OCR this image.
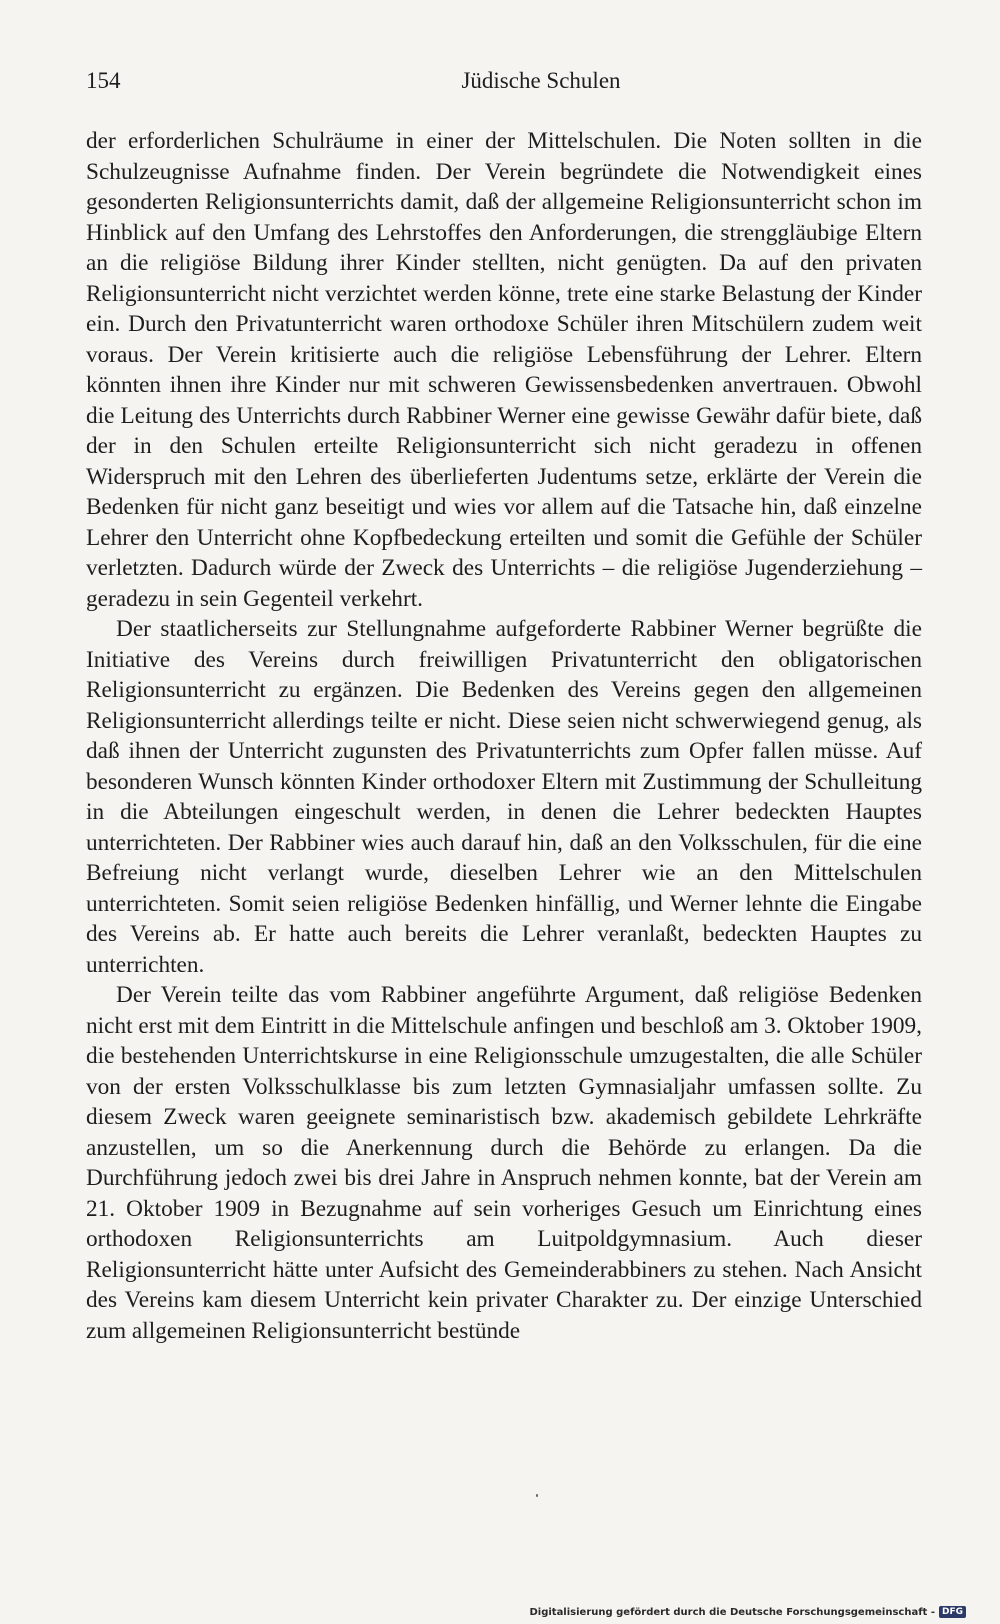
154	Jüdische Schulen

der erforderlichen Schulräume in einer der Mittelschulen. Die Noten sollten in die Schulzeugnisse Aufnahme finden. Der Verein begründete die Notwendigkeit eines gesonderten Religionsunterrichts damit, daß der allgemeine Religionsunterricht schon im Hinblick auf den Umfang des Lehrstoffes den Anforderungen, die strenggläubige Eltern an die religiöse Bildung ihrer Kinder stellten, nicht genügten. Da auf den privaten Religionsunterricht nicht verzichtet werden könne, trete eine starke Belastung der Kinder ein. Durch den Privatunterricht waren orthodoxe Schüler ihren Mitschülern zudem weit voraus. Der Verein kritisierte auch die religiöse Lebensführung der Lehrer. Eltern könnten ihnen ihre Kinder nur mit schweren Gewissensbedenken anvertrauen. Obwohl die Leitung des Unterrichts durch Rabbiner Werner eine gewisse Gewähr dafür biete, daß der in den Schulen erteilte Religionsunterricht sich nicht geradezu in offenen Widerspruch mit den Lehren des überlieferten Judentums setze, erklärte der Verein die Bedenken für nicht ganz beseitigt und wies vor allem auf die Tatsache hin, daß einzelne Lehrer den Unterricht ohne Kopfbedeckung erteilten und somit die Gefühle der Schüler verletzten. Dadurch würde der Zweck des Unterrichts – die religiöse Jugenderziehung – geradezu in sein Gegenteil verkehrt.

Der staatlicherseits zur Stellungnahme aufgeforderte Rabbiner Werner begrüßte die Initiative des Vereins durch freiwilligen Privatunterricht den obligatorischen Religionsunterricht zu ergänzen. Die Bedenken des Vereins gegen den allgemeinen Religionsunterricht allerdings teilte er nicht. Diese seien nicht schwerwiegend genug, als daß ihnen der Unterricht zugunsten des Privatunterrichts zum Opfer fallen müsse. Auf besonderen Wunsch könnten Kinder orthodoxer Eltern mit Zustimmung der Schulleitung in die Abteilungen eingeschult werden, in denen die Lehrer bedeckten Hauptes unterrichteten. Der Rabbiner wies auch darauf hin, daß an den Volksschulen, für die eine Befreiung nicht verlangt wurde, dieselben Lehrer wie an den Mittelschulen unterrichteten. Somit seien religiöse Bedenken hinfällig, und Werner lehnte die Eingabe des Vereins ab. Er hatte auch bereits die Lehrer veranlaßt, bedeckten Hauptes zu unterrichten.

Der Verein teilte das vom Rabbiner angeführte Argument, daß religiöse Bedenken nicht erst mit dem Eintritt in die Mittelschule anfingen und beschloß am 3. Oktober 1909, die bestehenden Unterrichtskurse in eine Religionsschule umzugestalten, die alle Schüler von der ersten Volksschulklasse bis zum letzten Gymnasialjahr umfassen sollte. Zu diesem Zweck waren geeignete seminaristisch bzw. akademisch gebildete Lehrkräfte anzustellen, um so die Anerkennung durch die Behörde zu erlangen. Da die Durchführung jedoch zwei bis drei Jahre in Anspruch nehmen konnte, bat der Verein am 21. Oktober 1909 in Bezugnahme auf sein vorheriges Gesuch um Einrichtung eines orthodoxen Religionsunterrichts am Luitpoldgymnasium. Auch dieser Religionsunterricht hätte unter Aufsicht des Gemeinderabbiners zu stehen. Nach Ansicht des Vereins kam diesem Unterricht kein privater Charakter zu. Der einzige Unterschied zum allgemeinen Religionsunterricht bestünde

Digitalisierung gefördert durch die Deutsche Forschungsgemeinschaft - DFG
